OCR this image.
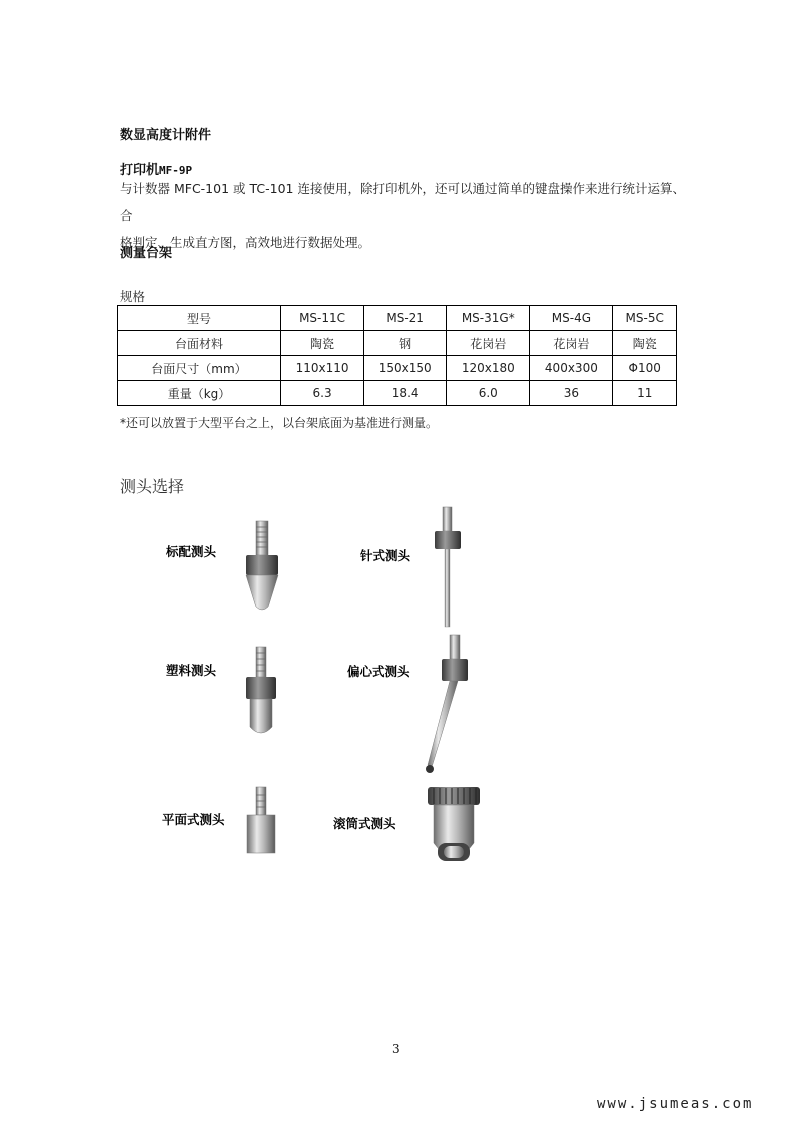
数显高度计附件
打印机MF-9P
与计数器 MFC-101 或 TC-101 连接使用，除打印机外，还可以通过简单的键盘操作来进行统计运算、合
格判定、生成直方图，高效地进行数据处理。
测量台架
规格
型号	MS-11C	MS-21	MS-31G*	MS-4G	MS-5C
台面材料	陶瓷	钢	花岗岩	花岗岩	陶瓷
台面尺寸（mm）	110x110	150x150	120x180	400x300	Φ100
重量（kg）	6.3	18.4	6.0	36	11
*还可以放置于大型平台之上，以台架底面为基准进行测量。
测头选择
标配测头	针式测头
塑料测头	偏心式测头
平面式测头	滚筒式测头
3
www.jsumeas.com
